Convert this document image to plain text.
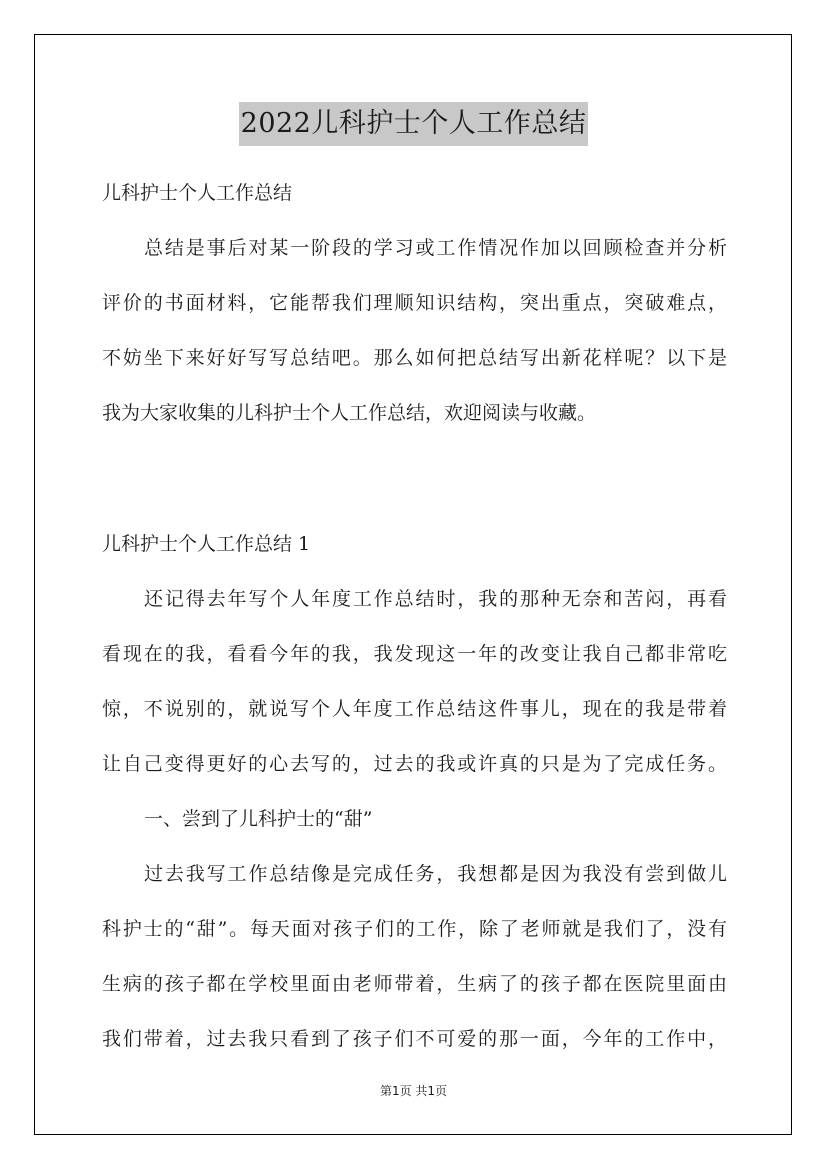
2022儿科护士个人工作总结
儿科护士个人工作总结
总结是事后对某一阶段的学习或工作情况作加以回顾检查并分析
评价的书面材料，它能帮我们理顺知识结构，突出重点，突破难点，
不妨坐下来好好写写总结吧。那么如何把总结写出新花样呢？以下是
我为大家收集的儿科护士个人工作总结，欢迎阅读与收藏。
儿科护士个人工作总结 1
还记得去年写个人年度工作总结时，我的那种无奈和苦闷，再看
看现在的我，看看今年的我，我发现这一年的改变让我自己都非常吃
惊，不说别的，就说写个人年度工作总结这件事儿，现在的我是带着
让自己变得更好的心去写的，过去的我或许真的只是为了完成任务。
一、尝到了儿科护士的“甜”
过去我写工作总结像是完成任务，我想都是因为我没有尝到做儿
科护士的“甜”。每天面对孩子们的工作，除了老师就是我们了，没有
生病的孩子都在学校里面由老师带着，生病了的孩子都在医院里面由
我们带着，过去我只看到了孩子们不可爱的那一面，今年的工作中，
第1页 共1页
